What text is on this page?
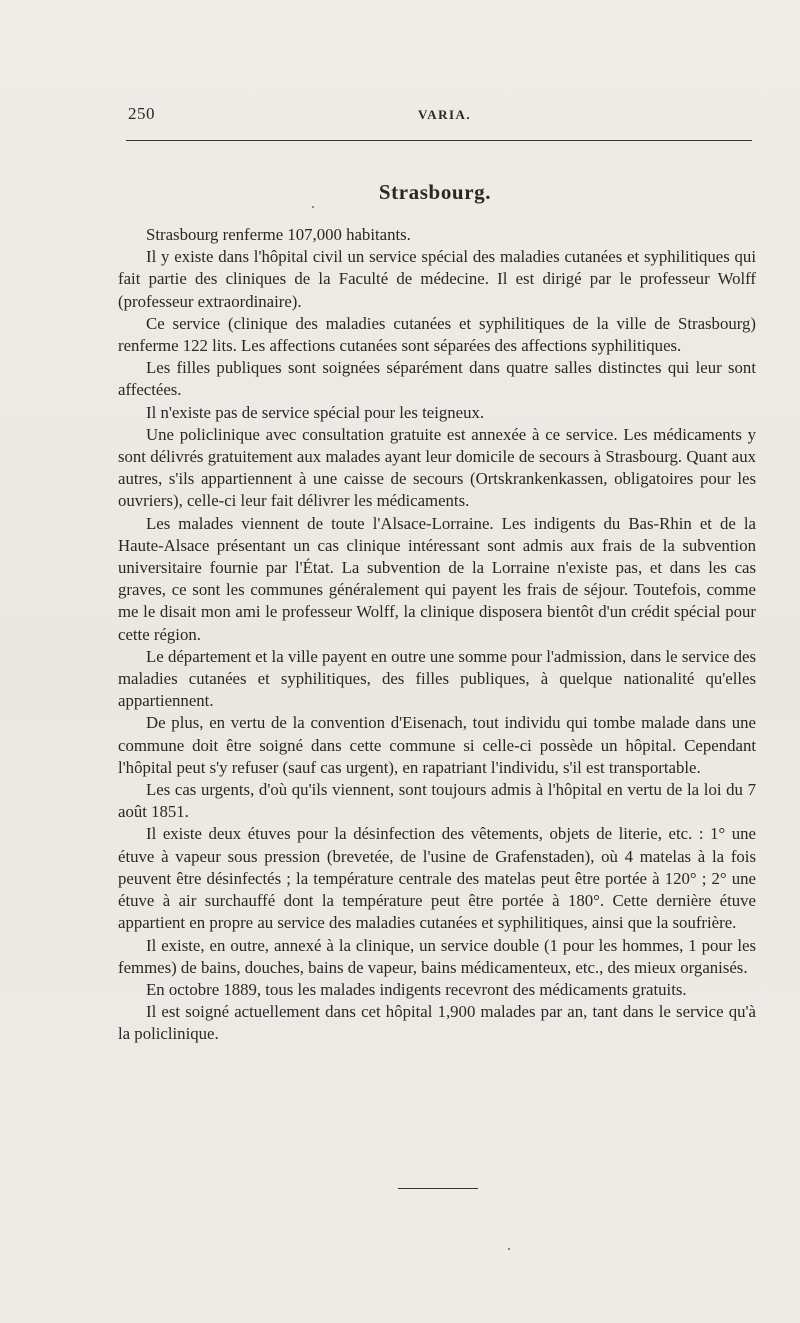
250	VARIA.
Strasbourg.

Strasbourg renferme 107,000 habitants.

Il y existe dans l'hôpital civil un service spécial des maladies cutanées et syphilitiques qui fait partie des cliniques de la Faculté de médecine. Il est dirigé par le professeur Wolff (professeur extraordinaire).

Ce service (clinique des maladies cutanées et syphilitiques de la ville de Strasbourg) renferme 122 lits. Les affections cutanées sont séparées des affections syphilitiques.

Les filles publiques sont soignées séparément dans quatre salles distinctes qui leur sont affectées.

Il n'existe pas de service spécial pour les teigneux.

Une policlinique avec consultation gratuite est annexée à ce service. Les médicaments y sont délivrés gratuitement aux malades ayant leur domicile de secours à Strasbourg. Quant aux autres, s'ils appartiennent à une caisse de secours (Ortskrankenkassen, obligatoires pour les ouvriers), celle-ci leur fait délivrer les médicaments.

Les malades viennent de toute l'Alsace-Lorraine. Les indigents du Bas-Rhin et de la Haute-Alsace présentant un cas clinique intéressant sont admis aux frais de la subvention universitaire fournie par l'État. La subvention de la Lorraine n'existe pas, et dans les cas graves, ce sont les communes généralement qui payent les frais de séjour. Toutefois, comme me le disait mon ami le professeur Wolff, la clinique disposera bientôt d'un crédit spécial pour cette région.

Le département et la ville payent en outre une somme pour l'admission, dans le service des maladies cutanées et syphilitiques, des filles publiques, à quelque nationalité qu'elles appartiennent.

De plus, en vertu de la convention d'Eisenach, tout individu qui tombe malade dans une commune doit être soigné dans cette commune si celle-ci possède un hôpital. Cependant l'hôpital peut s'y refuser (sauf cas urgent), en rapatriant l'individu, s'il est transportable.

Les cas urgents, d'où qu'ils viennent, sont toujours admis à l'hôpital en vertu de la loi du 7 août 1851.

Il existe deux étuves pour la désinfection des vêtements, objets de literie, etc. : 1° une étuve à vapeur sous pression (brevetée, de l'usine de Grafenstaden), où 4 matelas à la fois peuvent être désinfectés ; la température centrale des matelas peut être portée à 120° ; 2° une étuve à air surchauffé dont la température peut être portée à 180°. Cette dernière étuve appartient en propre au service des maladies cutanées et syphilitiques, ainsi que la soufrière.

Il existe, en outre, annexé à la clinique, un service double (1 pour les hommes, 1 pour les femmes) de bains, douches, bains de vapeur, bains médicamenteux, etc., des mieux organisés.

En octobre 1889, tous les malades indigents recevront des médicaments gratuits.

Il est soigné actuellement dans cet hôpital 1,900 malades par an, tant dans le service qu'à la policlinique.
